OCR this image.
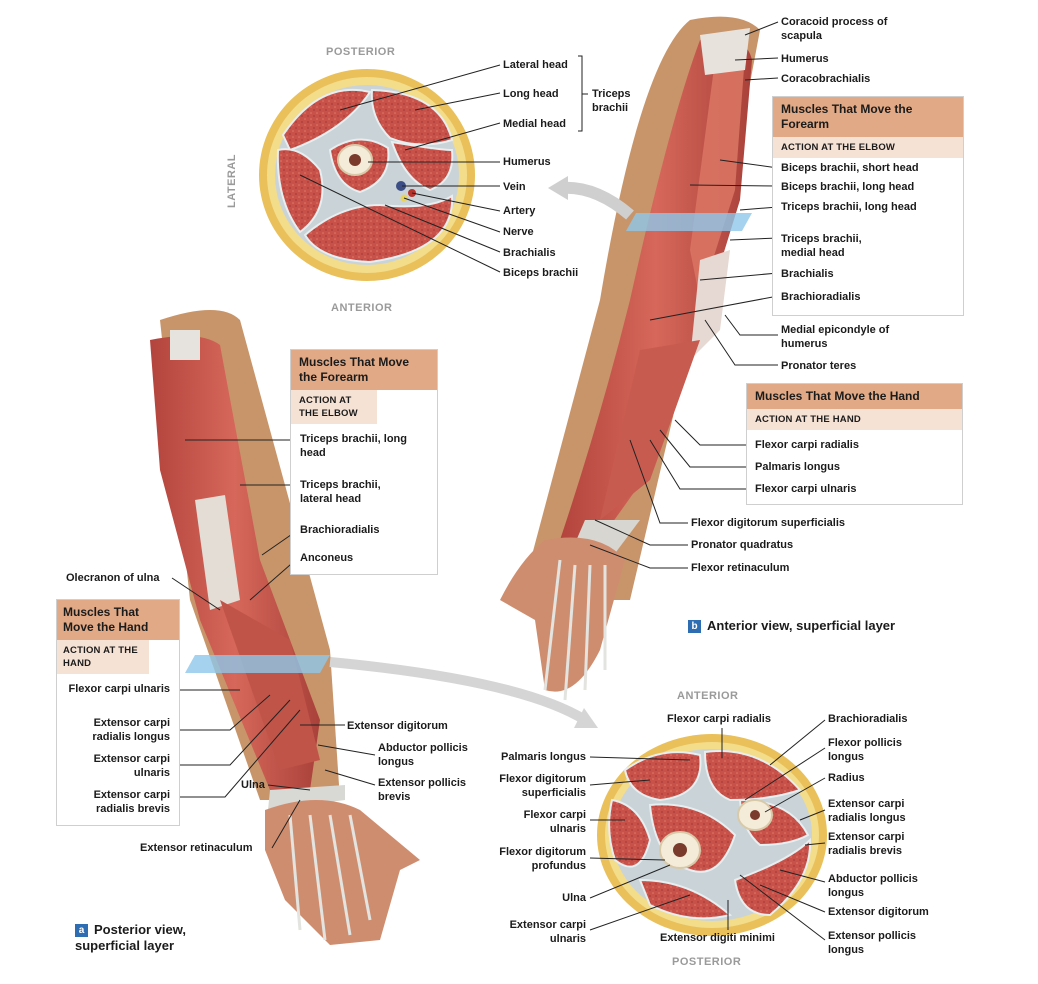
POSTERIOR
LATERAL
ANTERIOR
Lateral head
Long head
Medial head
Triceps brachii
Humerus
Vein
Artery
Nerve
Brachialis
Biceps brachii
Coracoid process of scapula
Humerus
Coracobrachialis
Muscles That Move the Forearm
ACTION AT THE ELBOW
Biceps brachii, short head
Biceps brachii, long head
Triceps brachii, long head
Triceps brachii, medial head
Brachialis
Brachioradialis
Medial epicondyle of humerus
Pronator teres
Muscles That Move the Hand
ACTION AT THE HAND
Flexor carpi radialis
Palmaris longus
Flexor carpi ulnaris
Flexor digitorum superficialis
Pronator quadratus
Flexor retinaculum
b Anterior view, superficial layer
Muscles That Move the Forearm
ACTION AT THE ELBOW
Triceps brachii, long head
Triceps brachii, lateral head
Brachioradialis
Anconeus
Olecranon of ulna
Muscles That Move the Hand
ACTION AT THE HAND
Flexor carpi ulnaris
Extensor carpi radialis longus
Extensor carpi ulnaris
Extensor carpi radialis brevis
Extensor digitorum
Abductor pollicis longus
Extensor pollicis brevis
Ulna
Extensor retinaculum
a Posterior view, superficial layer
ANTERIOR
POSTERIOR
Flexor carpi radialis
Palmaris longus
Flexor digitorum superficialis
Flexor carpi ulnaris
Flexor digitorum profundus
Ulna
Extensor carpi ulnaris	Extensor digiti minimi
Brachioradialis
Flexor pollicis longus
Radius
Extensor carpi radialis longus
Extensor carpi radialis brevis
Abductor pollicis longus
Extensor digitorum
Extensor pollicis longus
